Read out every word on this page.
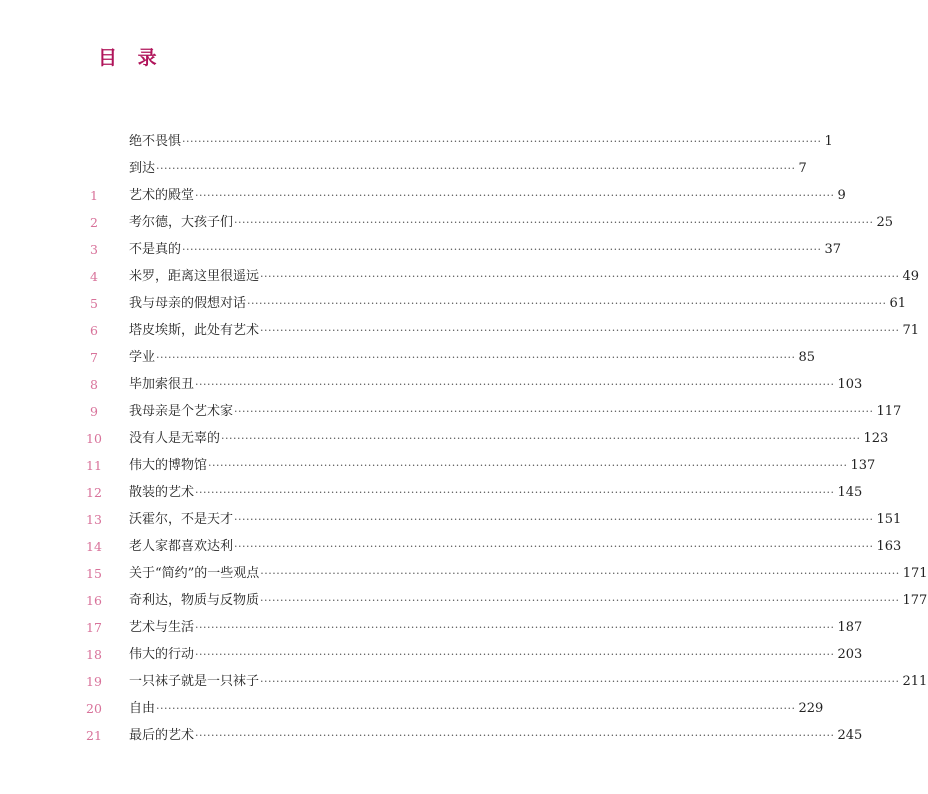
目 录
绝不畏惧 ································································································································································ 1
到达 ································································································································································ 7
1	艺术的殿堂 ································································································································································ 9
2	考尔德，大孩子们 ································································································································································ 25
3	不是真的 ································································································································································ 37
4	米罗，距离这里很遥远 ································································································································································ 49
5	我与母亲的假想对话 ································································································································································ 61
6	塔皮埃斯，此处有艺术 ································································································································································ 71
7	学业 ································································································································································ 85
8	毕加索很丑 ································································································································································ 103
9	我母亲是个艺术家 ································································································································································ 117
10	没有人是无辜的 ································································································································································ 123
11	伟大的博物馆 ································································································································································ 137
12	散装的艺术 ································································································································································ 145
13	沃霍尔，不是天才 ································································································································································ 151
14	老人家都喜欢达利 ································································································································································ 163
15	关于“简约”的一些观点 ································································································································································ 171
16	奇利达，物质与反物质 ································································································································································ 177
17	艺术与生活 ································································································································································ 187
18	伟大的行动 ································································································································································ 203
19	一只袜子就是一只袜子 ································································································································································ 211
20	自由 ································································································································································ 229
21	最后的艺术 ································································································································································ 245
